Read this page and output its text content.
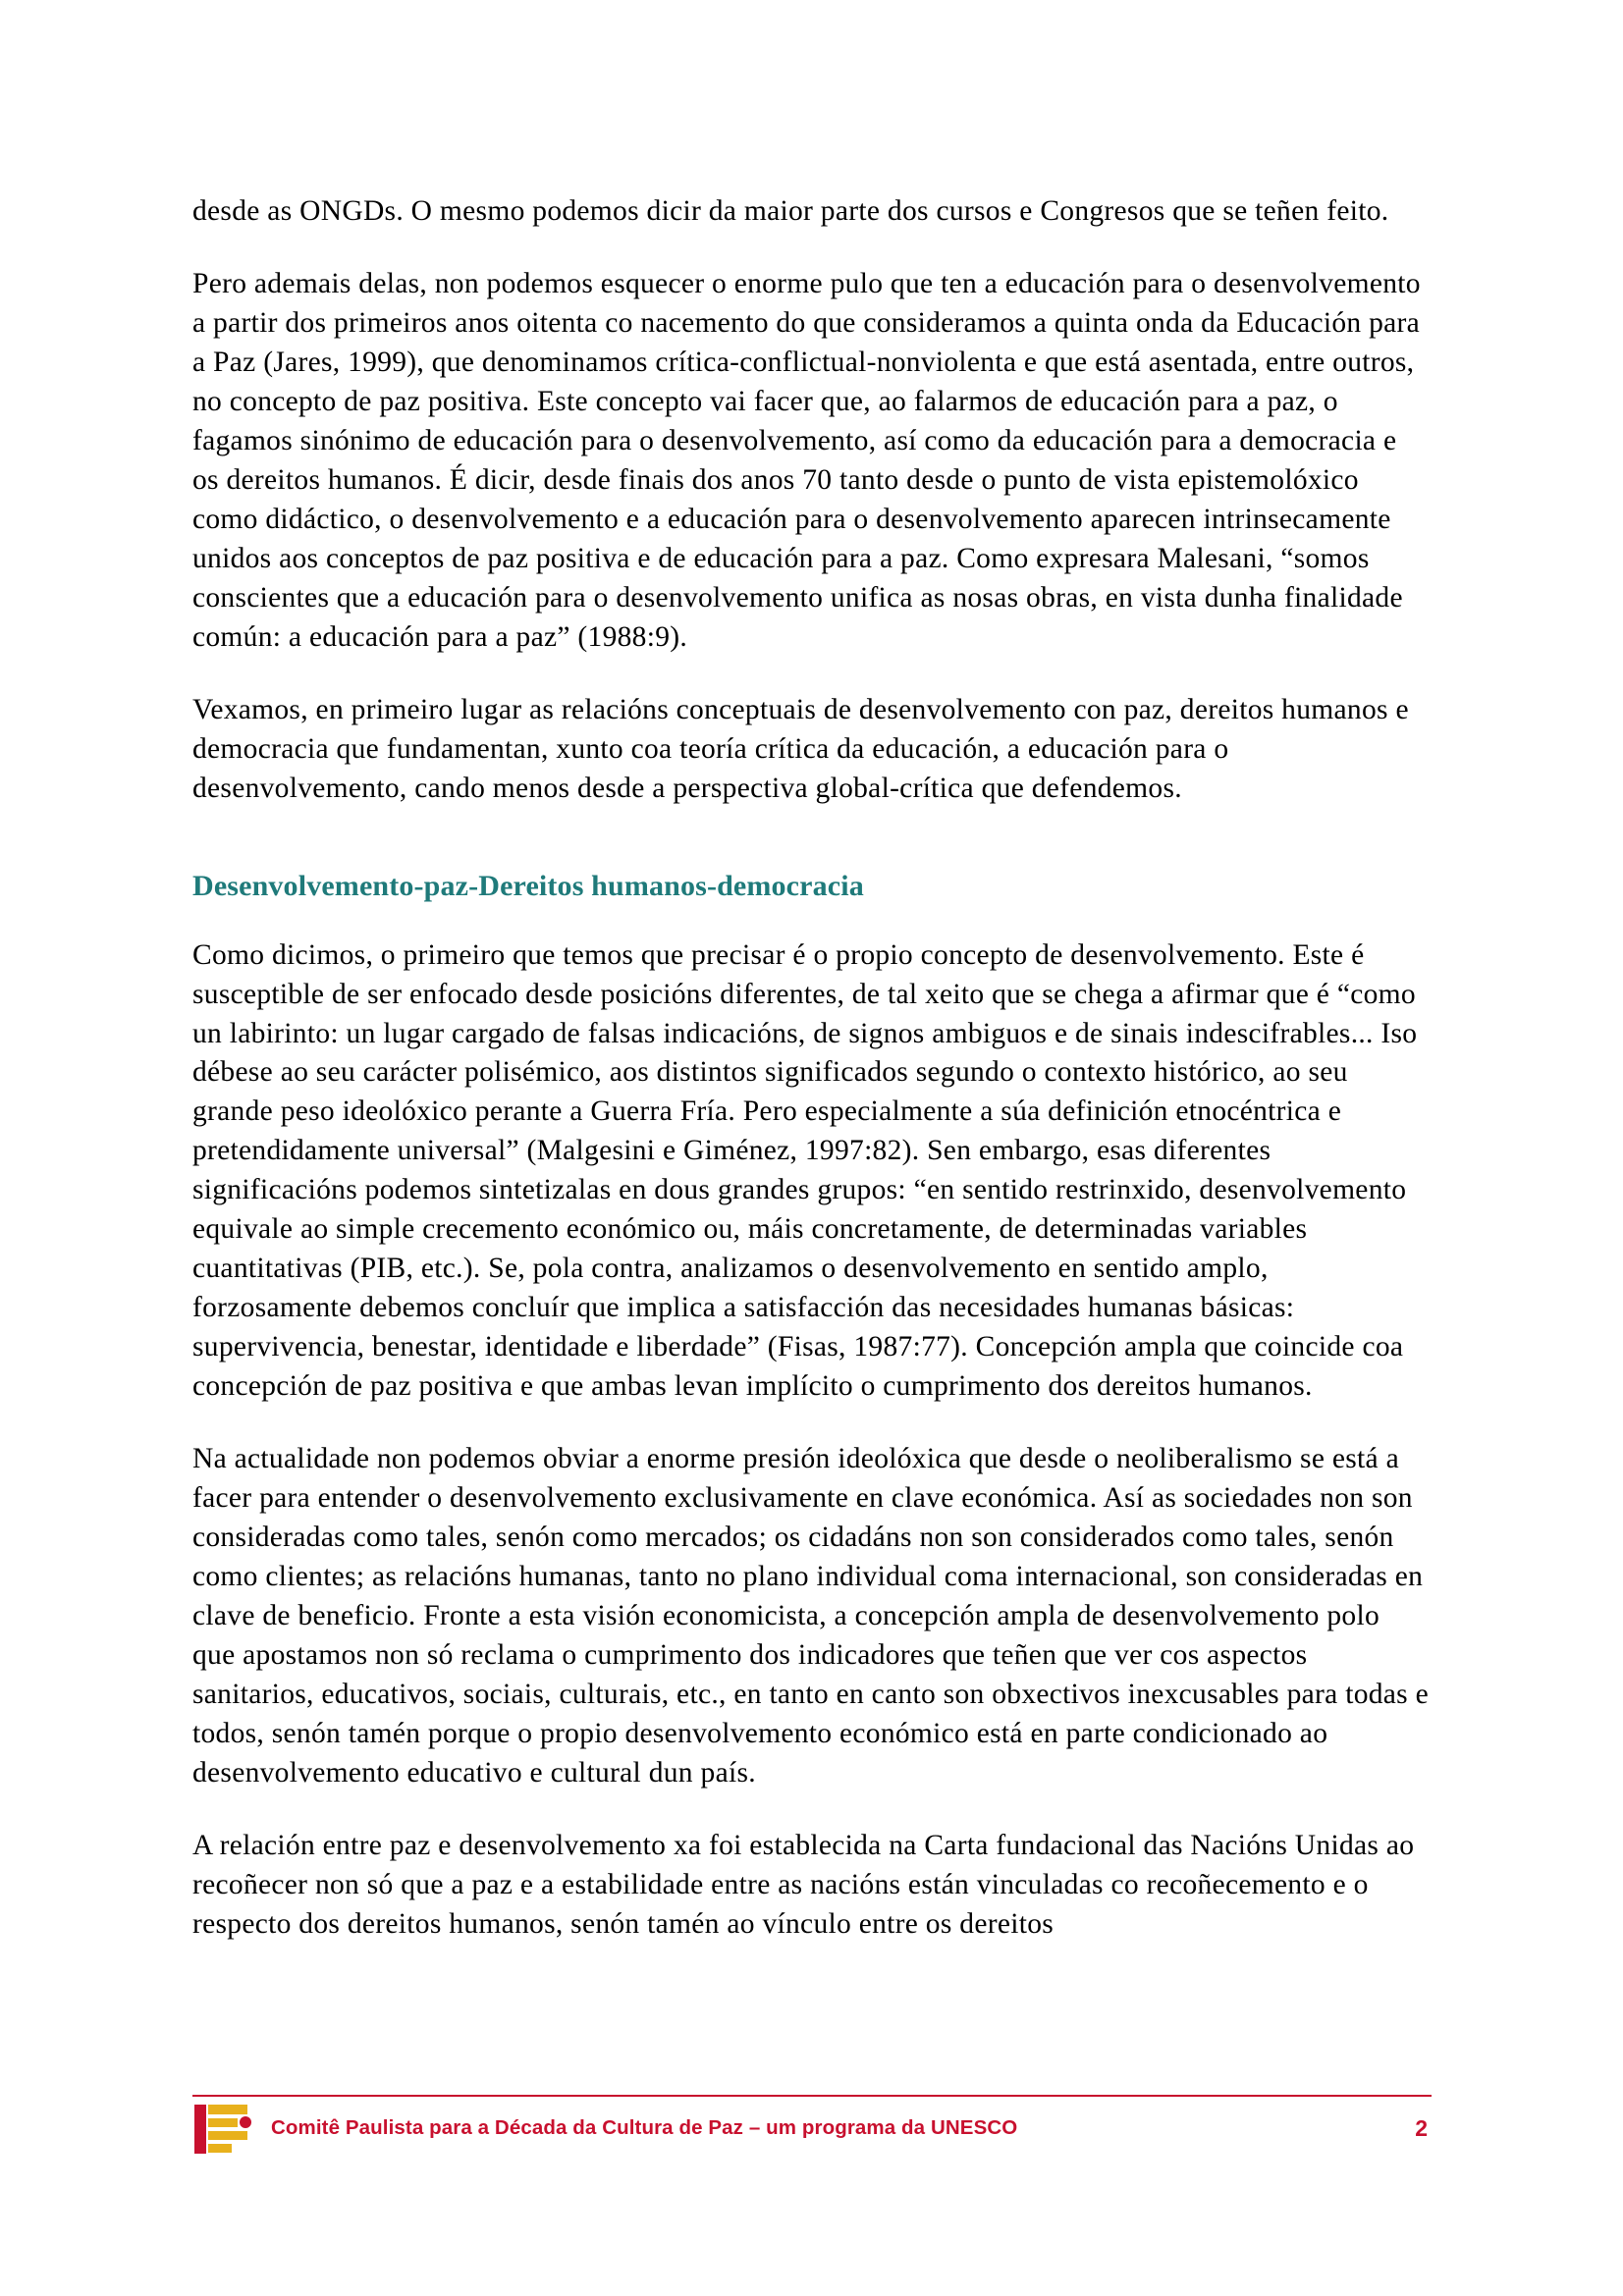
desde as ONGDs. O mesmo podemos dicir da maior parte dos cursos e Congresos que se teñen feito.

Pero ademais delas, non podemos esquecer o enorme pulo que ten a educación para o desenvolvemento a partir dos primeiros anos oitenta co nacemento do que consideramos a quinta onda da Educación para a Paz (Jares, 1999), que denominamos crítica-conflictual-nonviolenta e que está asentada, entre outros, no concepto de paz positiva. Este concepto vai facer que, ao falarmos de educación para a paz, o fagamos sinónimo de educación para o desenvolvemento, así como da educación para a democracia e os dereitos humanos. É dicir, desde finais dos anos 70 tanto desde o punto de vista epistemolóxico como didáctico, o desenvolvemento e a educación para o desenvolvemento aparecen intrinsecamente unidos aos conceptos de paz positiva e de educación para a paz. Como expresara Malesani, “somos conscientes que a educación para o desenvolvemento unifica as nosas obras, en vista dunha finalidade común: a educación para a paz” (1988:9).

Vexamos, en primeiro lugar as relacións conceptuais de desenvolvemento con paz, dereitos humanos e democracia que fundamentan, xunto coa teoría crítica da educación, a educación para o desenvolvemento, cando menos desde a perspectiva global-crítica que defendemos.

Desenvolvemento-paz-Dereitos humanos-democracia

Como dicimos, o primeiro que temos que precisar é o propio concepto de desenvolvemento. Este é susceptible de ser enfocado desde posicións diferentes, de tal xeito que se chega a afirmar que é “como un labirinto: un lugar cargado de falsas indicacións, de signos ambiguos e de sinais indescifrables... Iso débese ao seu carácter polisémico, aos distintos significados segundo o contexto histórico, ao seu grande peso ideolóxico perante a Guerra Fría. Pero especialmente a súa definición etnocéntrica e pretendidamente universal” (Malgesini e Giménez, 1997:82). Sen embargo, esas diferentes significacións podemos sintetizalas en dous grandes grupos: “en sentido restrinxido, desenvolvemento equivale ao simple crecemento económico ou, máis concretamente, de determinadas variables cuantitativas (PIB, etc.). Se, pola contra, analizamos o desenvolvemento en sentido amplo, forzosamente debemos concluír que implica a satisfacción das necesidades humanas básicas: supervivencia, benestar, identidade e liberdade” (Fisas, 1987:77). Concepción ampla que coincide coa concepción de paz positiva e que ambas levan implícito o cumprimento dos dereitos humanos.

Na actualidade non podemos obviar a enorme presión ideolóxica que desde o neoliberalismo se está a facer para entender o desenvolvemento exclusivamente en clave económica. Así as sociedades non son consideradas como tales, senón como mercados; os cidadáns non son considerados como tales, senón como clientes; as relacións humanas, tanto no plano individual coma internacional, son consideradas en clave de beneficio. Fronte a esta visión economicista, a concepción ampla de desenvolvemento polo que apostamos non só reclama o cumprimento dos indicadores que teñen que ver cos aspectos sanitarios, educativos, sociais, culturais, etc., en tanto en canto son obxectivos inexcusables para todas e todos, senón tamén porque o propio desenvolvemento económico está en parte condicionado ao desenvolvemento educativo e cultural dun país.

A relación entre paz e desenvolvemento xa foi establecida na Carta fundacional das Nacións Unidas ao recoñecer non só que a paz e a estabilidade entre as nacións están vinculadas co recoñecemento e o respecto dos dereitos humanos, senón tamén ao vínculo entre os dereitos

Comitê Paulista para a Década da Cultura de Paz – um programa da UNESCO	2
